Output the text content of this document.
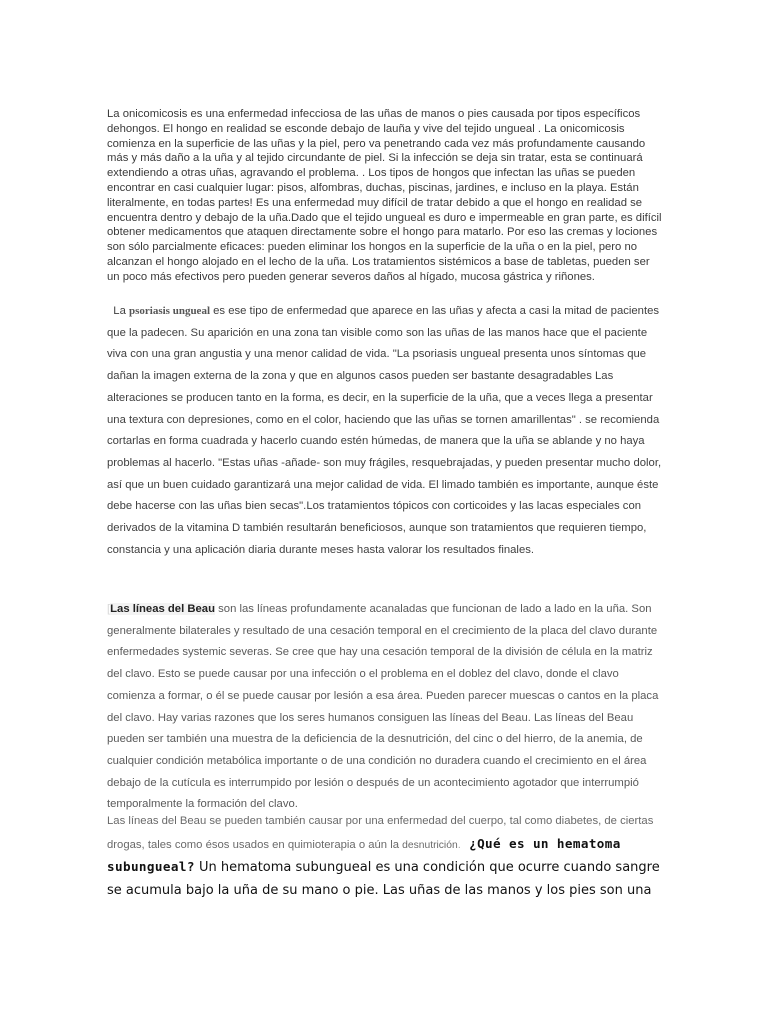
La onicomicosis es una enfermedad infecciosa de las uñas de manos o pies causada por tipos específicos dehongos. El hongo en realidad se esconde debajo de lauña y vive del tejido ungueal . La onicomicosis comienza en la superficie de las uñas y la piel, pero va penetrando cada vez más profundamente causando más y más daño a la uña y al tejido circundante de piel. Si la infección se deja sin tratar, esta se continuará extendiendo a otras uñas, agravando el problema. . Los tipos de hongos que infectan las uñas se pueden encontrar en casi cualquier lugar: pisos, alfombras, duchas, piscinas, jardines, e incluso en la playa. Están literalmente, en todas partes! Es una enfermedad muy difícil de tratar debido a que el hongo en realidad se encuentra dentro y debajo de la uña.Dado que el tejido ungueal es duro e impermeable en gran parte, es difícil obtener medicamentos que ataquen directamente sobre el hongo para matarlo. Por eso las cremas y lociones son sólo parcialmente eficaces: pueden eliminar los hongos en la superficie de la uña o en la piel, pero no alcanzan el hongo alojado en el lecho de la uña. Los tratamientos sistémicos a base de tabletas, pueden ser un poco más efectivos pero pueden generar severos daños al hígado, mucosa gástrica y riñones.

La psoriasis ungueal es ese tipo de enfermedad que aparece en las uñas y afecta a casi la mitad de pacientes que la padecen. Su aparición en una zona tan visible como son las uñas de las manos hace que el paciente viva con una gran angustia y una menor calidad de vida. "La psoriasis ungueal presenta unos síntomas que dañan la imagen externa de la zona y que en algunos casos pueden ser bastante desagradables Las alteraciones se producen tanto en la forma, es decir, en la superficie de la uña, que a veces llega a presentar una textura con depresiones, como en el color, haciendo que las uñas se tornen amarillentas" . se recomienda cortarlas en forma cuadrada y hacerlo cuando estén húmedas, de manera que la uña se ablande y no haya problemas al hacerlo. "Estas uñas -añade- son muy frágiles, resquebrajadas, y pueden presentar mucho dolor, así que un buen cuidado garantizará una mejor calidad de vida. El limado también es importante, aunque éste debe hacerse con las uñas bien secas".Los tratamientos tópicos con corticoides y las lacas especiales con derivados de la vitamina D también resultarán beneficiosos, aunque son tratamientos que requieren tiempo, constancia y una aplicación diaria durante meses hasta valorar los resultados finales.

[Las líneas del Beau son las líneas profundamente acanaladas que funcionan de lado a lado en la uña. Son generalmente bilaterales y resultado de una cesación temporal en el crecimiento de la placa del clavo durante enfermedades systemic severas. Se cree que hay una cesación temporal de la división de célula en la matriz del clavo. Esto se puede causar por una infección o el problema en el doblez del clavo, donde el clavo comienza a formar, o él se puede causar por lesión a esa área. Pueden parecer muescas o cantos en la placa del clavo. Hay varias razones que los seres humanos consiguen las líneas del Beau. Las líneas del Beau pueden ser también una muestra de la deficiencia de la desnutrición, del cinc o del hierro, de la anemia, de cualquier condición metabólica importante o de una condición no duradera cuando el crecimiento en el área debajo de la cutícula es interrumpido por lesión o después de un acontecimiento agotador que interrumpió temporalmente la formación del clavo.

Las líneas del Beau se pueden también causar por una enfermedad del cuerpo, tal como diabetes, de ciertas drogas, tales como ésos usados en quimioterapia o aún la desnutrición. ¿Qué es un hematoma subungueal? Un hematoma subungueal es una condición que ocurre cuando sangre se acumula bajo la uña de su mano o pie. Las uñas de las manos y los pies son una
